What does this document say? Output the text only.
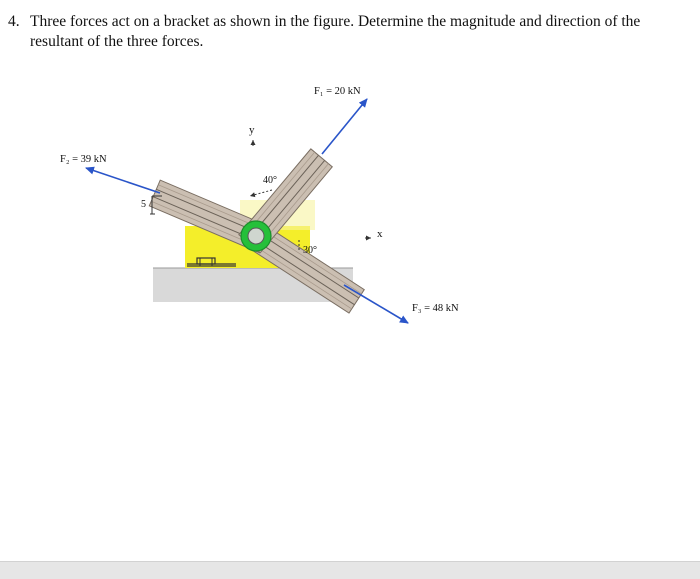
4. Three forces act on a bracket as shown in the figure. Determine the magnitude and direction of the resultant of the three forces.
5
y
x
40°
30°
F₁ = 20 kN
F₂ = 39 kN
F₃ = 48 kN
